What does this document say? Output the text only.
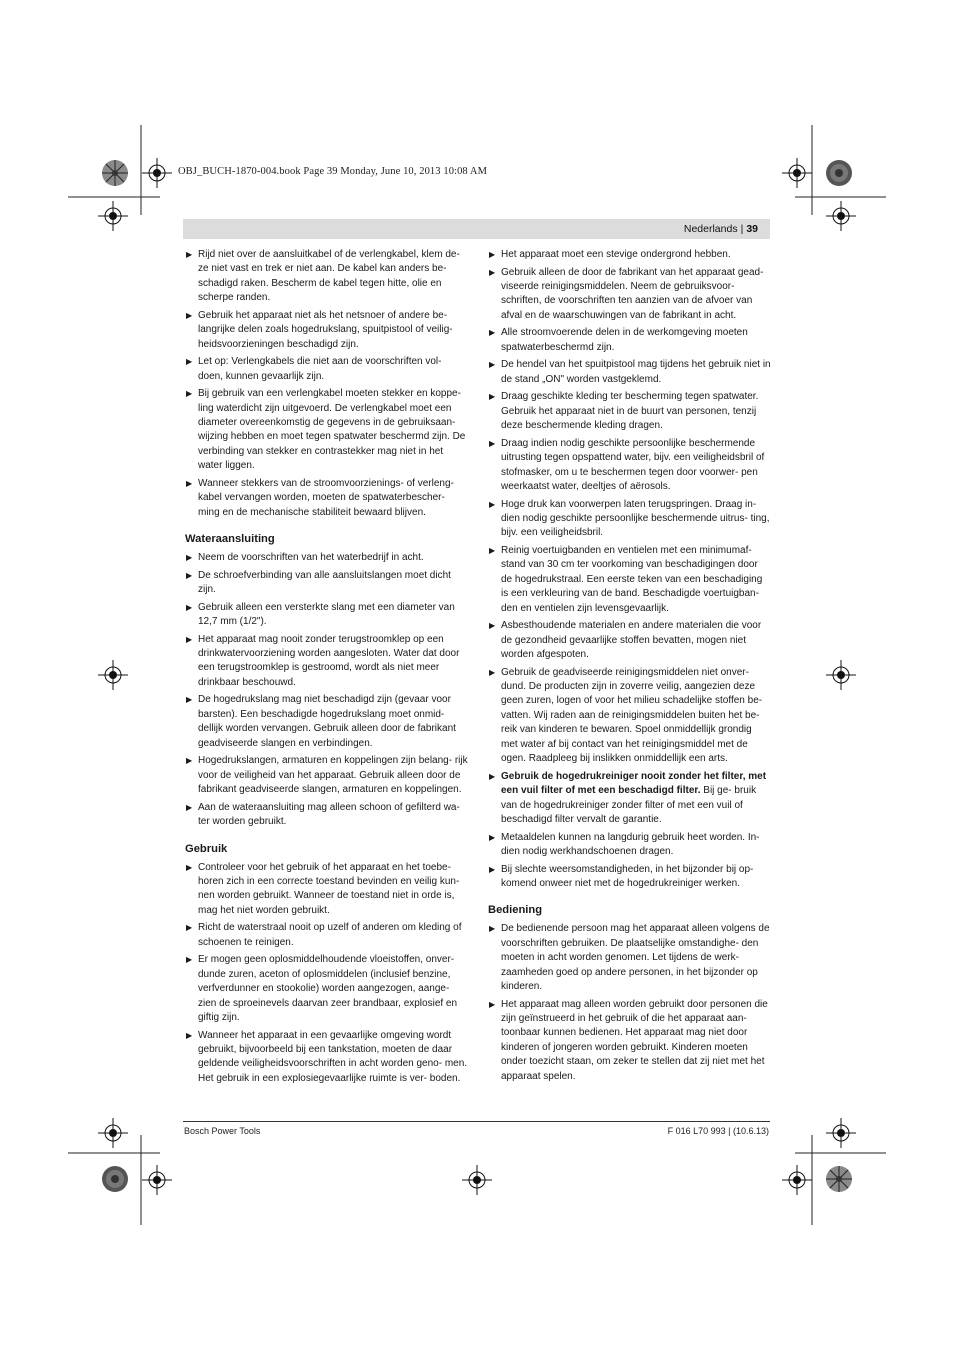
OBJ_BUCH-1870-004.book Page 39 Monday, June 10, 2013 10:08 AM
Nederlands | 39
▶ Rijd niet over de aansluitkabel of de verlengkabel, klem de- ze niet vast en trek er niet aan. De kabel kan anders be- schadigd raken. Bescherm de kabel tegen hitte, olie en scherpe randen.
▶ Gebruik het apparaat niet als het netsnoer of andere be- langrijke delen zoals hogedrukslang, spuitpistool of veilig- heidsvoorzieningen beschadigd zijn.
▶ Let op: Verlengkabels die niet aan de voorschriften vol- doen, kunnen gevaarlijk zijn.
▶ Bij gebruik van een verlengkabel moeten stekker en koppe- ling waterdicht zijn uitgevoerd. De verlengkabel moet een diameter overeenkomstig de gegevens in de gebruiksaan- wijzing hebben en moet tegen spatwater beschermd zijn. De verbinding van stekker en contrastekker mag niet in het water liggen.
▶ Wanneer stekkers van de stroomvoorzienings- of verleng- kabel vervangen worden, moeten de spatwaterbescher- ming en de mechanische stabiliteit bewaard blijven.
Wateraansluiting
▶ Neem de voorschriften van het waterbedrijf in acht.
▶ De schroefverbinding van alle aansluitslangen moet dicht zijn.
▶ Gebruik alleen een versterkte slang met een diameter van 12,7 mm (1/2").
▶ Het apparaat mag nooit zonder terugstroomklep op een drinkwatervoorziening worden aangesloten. Water dat door een terugstroomklep is gestroomd, wordt als niet meer drinkbaar beschouwd.
▶ De hogedrukslang mag niet beschadigd zijn (gevaar voor barsten). Een beschadigde hogedrukslang moet onmid- dellijk worden vervangen. Gebruik alleen door de fabrikant geadviseerde slangen en verbindingen.
▶ Hogedrukslangen, armaturen en koppelingen zijn belang- rijk voor de veiligheid van het apparaat. Gebruik alleen door de fabrikant geadviseerde slangen, armaturen en koppelingen.
▶ Aan de wateraansluiting mag alleen schoon of gefilterd wa- ter worden gebruikt.
Gebruik
▶ Controleer voor het gebruik of het apparaat en het toebe- horen zich in een correcte toestand bevinden en veilig kun- nen worden gebruikt. Wanneer de toestand niet in orde is, mag het niet worden gebruikt.
▶ Richt de waterstraal nooit op uzelf of anderen om kleding of schoenen te reinigen.
▶ Er mogen geen oplosmiddelhoudende vloeistoffen, onver- dunde zuren, aceton of oplosmiddelen (inclusief benzine, verfverdunner en stookolie) worden aangezogen, aange- zien de sproeinevels daarvan zeer brandbaar, explosief en giftig zijn.
▶ Wanneer het apparaat in een gevaarlijke omgeving wordt gebruikt, bijvoorbeeld bij een tankstation, moeten de daar geldende veiligheidsvoorschriften in acht worden geno- men. Het gebruik in een explosiegevaarlijke ruimte is ver- boden.
▶ Het apparaat moet een stevige ondergrond hebben.
▶ Gebruik alleen de door de fabrikant van het apparaat gead- viseerde reinigingsmiddelen. Neem de gebruiksvoor- schriften, de voorschriften ten aanzien van de afvoer van afval en de waarschuwingen van de fabrikant in acht.
▶ Alle stroomvoerende delen in de werkomgeving moeten spatwaterbeschermd zijn.
▶ De hendel van het spuitpistool mag tijdens het gebruik niet in de stand „ON" worden vastgeklemd.
▶ Draag geschikte kleding ter bescherming tegen spatwater. Gebruik het apparaat niet in de buurt van personen, tenzij deze beschermende kleding dragen.
▶ Draag indien nodig geschikte persoonlijke beschermende uitrusting tegen opspattend water, bijv. een veiligheidsbril of stofmasker, om u te beschermen tegen door voorwer- pen weerkaatst water, deeltjes of aërosols.
▶ Hoge druk kan voorwerpen laten terugspringen. Draag in- dien nodig geschikte persoonlijke beschermende uitrus- ting, bijv. een veiligheidsbril.
▶ Reinig voertuigbanden en ventielen met een minimumaf- stand van 30 cm ter voorkoming van beschadigingen door de hogedrukstraal. Een eerste teken van een beschadiging is een verkleuring van de band. Beschadigde voertuigban- den en ventielen zijn levensgevaarlijk.
▶ Asbesthoudende materialen en andere materialen die voor de gezondheid gevaarlijke stoffen bevatten, mogen niet worden afgespoten.
▶ Gebruik de geadviseerde reinigingsmiddelen niet onver- dund. De producten zijn in zoverre veilig, aangezien deze geen zuren, logen of voor het milieu schadelijke stoffen be- vatten. Wij raden aan de reinigingsmiddelen buiten het be- reik van kinderen te bewaren. Spoel onmiddellijk grondig met water af bij contact van het reinigingsmiddel met de ogen. Raadpleeg bij inslikken onmiddellijk een arts.
▶ Gebruik de hogedrukreiniger nooit zonder het filter, met een vuil filter of met een beschadigd filter. Bij ge- bruik van de hogedrukreiniger zonder filter of met een vuil of beschadigd filter vervalt de garantie.
▶ Metaaldelen kunnen na langdurig gebruik heet worden. In- dien nodig werkhandschoenen dragen.
▶ Bij slechte weersomstandigheden, in het bijzonder bij op- komend onweer niet met de hogedrukreiniger werken.
Bediening
▶ De bedienende persoon mag het apparaat alleen volgens de voorschriften gebruiken. De plaatselijke omstandighe- den moeten in acht worden genomen. Let tijdens de werk- zaamheden goed op andere personen, in het bijzonder op kinderen.
▶ Het apparaat mag alleen worden gebruikt door personen die zijn geïnstrueerd in het gebruik of die het apparaat aan- toonbaar kunnen bedienen. Het apparaat mag niet door kinderen of jongeren worden gebruikt. Kinderen moeten onder toezicht staan, om zeker te stellen dat zij niet met het apparaat spelen.
Bosch Power Tools	F 016 L70 993 | (10.6.13)
